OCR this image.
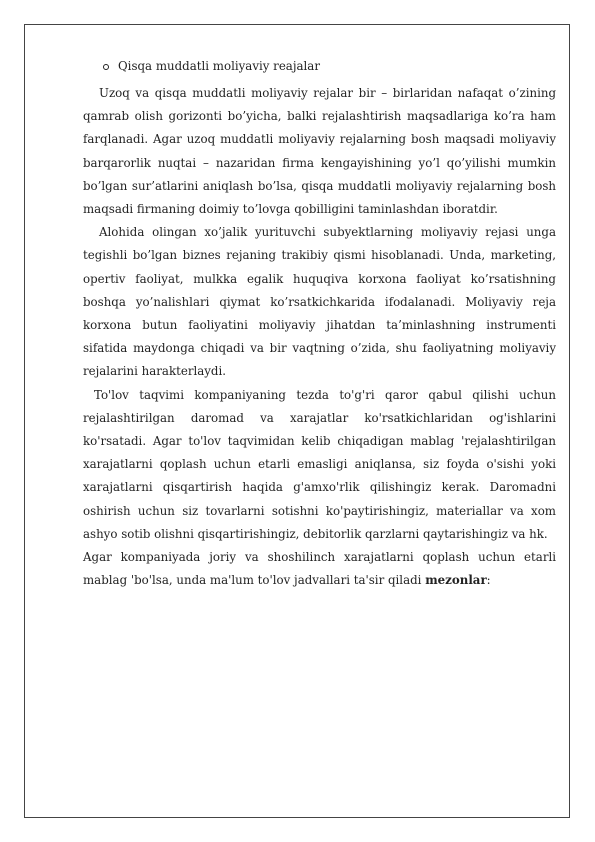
Qisqa muddatli moliyaviy reajalar

Uzoq va qisqa muddatli moliyaviy rejalar bir – birlaridan nafaqat o’zining qamrab olish gorizonti bo’yicha, balki rejalashtirish maqsadlariga ko’ra ham farqlanadi. Agar uzoq muddatli moliyaviy rejalarning bosh maqsadi moliyaviy barqarorlik nuqtai – nazaridan firma kengayishining yo’l qo’yilishi mumkin bo’lgan sur’atlarini aniqlash bo’lsa, qisqa muddatli moliyaviy rejalarning bosh maqsadi firmaning doimiy to’lovga qobilligini taminlashdan iboratdir.

Alohida olingan xo’jalik yurituvchi subyektlarning moliyaviy rejasi unga tegishli bo’lgan biznes rejaning trakibiy qismi hisoblanadi. Unda, marketing, opertiv faoliyat, mulkka egalik huquqiva korxona faoliyat ko’rsatishning boshqa yo’nalishlari qiymat ko’rsatkichkarida ifodalanadi. Moliyaviy reja korxona butun faoliyatini moliyaviy jihatdan ta’minlashning instrumenti sifatida maydonga chiqadi va bir vaqtning o’zida, shu faoliyatning moliyaviy rejalarini harakterlaydi.

To'lov taqvimi kompaniyaning tezda to'g'ri qaror qabul qilishi uchun rejalashtirilgan daromad va xarajatlar ko'rsatkichlaridan og'ishlarini ko'rsatadi. Agar to'lov taqvimidan kelib chiqadigan mablag 'rejalashtirilgan xarajatlarni qoplash uchun etarli emasligi aniqlansa, siz foyda o'sishi yoki xarajatlarni qisqartirish haqida g'amxo'rlik qilishingiz kerak. Daromadni oshirish uchun siz tovarlarni sotishni ko'paytirishingiz, materiallar va xom ashyo sotib olishni qisqartirishingiz, debitorlik qarzlarni qaytarishingiz va hk.

Agar kompaniyada joriy va shoshilinch xarajatlarni qoplash uchun etarli mablag 'bo'lsa, unda ma'lum to'lov jadvallari ta'sir qiladi mezonlar:
